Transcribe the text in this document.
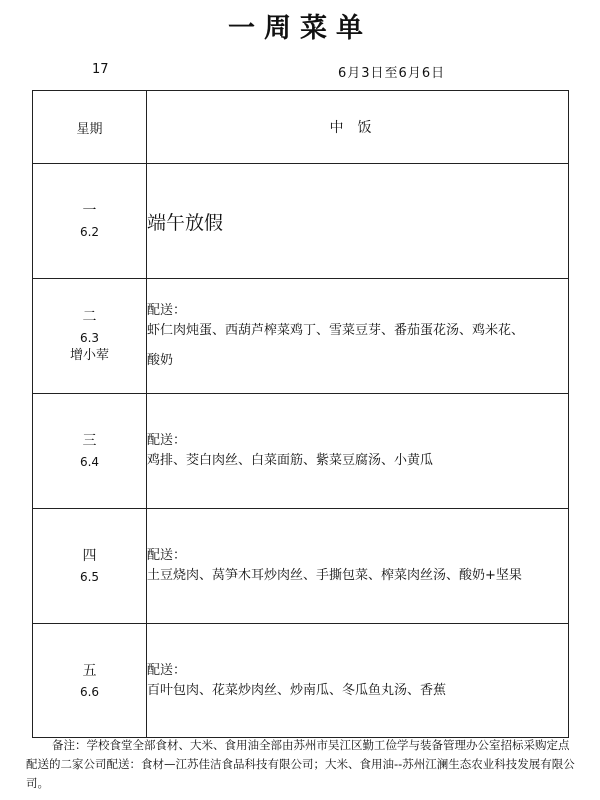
一周菜单
17	6月3日至6月6日
星期	中饭

一
6.2	端午放假

二
6.3
增小荤	配送：
虾仁肉炖蛋、西葫芦榨菜鸡丁、雪菜豆芽、番茄蛋花汤、鸡米花、
酸奶

三
6.4	配送：
鸡排、茭白肉丝、白菜面筋、紫菜豆腐汤、小黄瓜

四
6.5	配送：
土豆烧肉、莴笋木耳炒肉丝、手撕包菜、榨菜肉丝汤、酸奶+坚果

五
6.6	配送：
百叶包肉、花菜炒肉丝、炒南瓜、冬瓜鱼丸汤、香蕉
备注：学校食堂全部食材、大米、食用油全部由苏州市吴江区勤工俭学与装备管理办公室招标采购定点配送的二家公司配送：食材—江苏佳洁食品科技有限公司；大米、食用油--苏州江澜生态农业科技发展有限公司。
